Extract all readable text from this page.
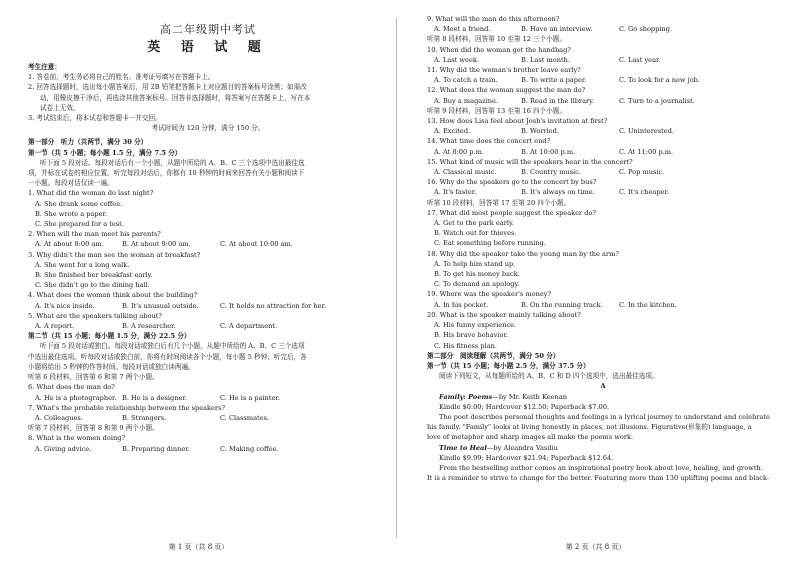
高二年级期中考试
英 语 试 题

考生注意：

1. 答卷前，考生务必将自己的姓名、准考证号填写在答题卡上。

2. 回答选择题时，选出每小题答案后，用 2B 铅笔把答题卡上对应题目的答案标号涂黑；如需改

动，用橡皮擦干净后，再选涂其他答案标号。回答非选择题时，将答案写在答题卡上，写在本

试卷上无效。

3. 考试结束后，将本试卷和答题卡一并交回。

考试时间为 120 分钟，满分 150 分。

第一部分　听力（共两节，满分 30 分）

第一节（共 5 小题；每小题 1.5 分，满分 7.5 分）

听下面 5 段对话。每段对话后有一个小题，从题中所给的 A、B、C 三个选项中选出最佳选

项，并标在试卷的相应位置。听完每段对话后，你都有 10 秒钟的时间来回答有关小题和阅读下

一小题。每段对话仅读一遍。

1. What did the woman do last night?

A. She drank some coffee.

B. She wrote a paper.

C. She prepared for a test.

2. When will the man meet his parents?

A. At about 8:00 am.	B. At about 9:00 am.	C. At about 10:00 am.

3. Why didn't the man see the woman at breakfast?

A. She went for a long walk.

B. She finished her breakfast early.

C. She didn't go to the dining hall.

4. What does the woman think about the building?

A. It's nice inside.	B. It's unusual outside.	C. It holds no attraction for her.

5. What are the speakers talking about?

A. A report.	B. A researcher.	C. A department.

第二节（共 15 小题；每小题 1.5 分，满分 22.5 分）

听下面 5 段对话或独白。每段对话或独白后有几个小题，从题中所给的 A、B、C 三个选项

中选出最佳选项。听每段对话或独白前，你将有时间阅读各个小题，每小题 5 秒钟；听完后，各

小题将给出 5 秒钟的作答时间。每段对话或独白读两遍。

听第 6 段材料，回答第 6 和第 7 两个小题。

6. What does the man do?

A. He is a photographer. B. He is a designer.	C. He is a painter.

7. What's the probable relationship between the speakers?

A. Colleagues.	B. Strangers.	C. Classmates.

听第 7 段材料，回答第 8 和第 9 两个小题。

8. What is the women doing?

A. Giving advice.	B. Preparing dinner.	C. Making coffee.
第 1 页（共 8 页）

9. What will the man do this afternoon?

A. Meet a friend.	B. Have an interview.	C. Go shopping.

听第 8 段材料，回答第 10 至第 12 三个小题。

10. When did the woman get the handbag?

A. Last week.	B. Last month.	C. Last year.

11. Why did the woman's brother leave early?

A. To catch a train.	B. To write a paper.	C. To look for a new job.

12. What does the woman suggest the man do?

A. Buy a magazine.	B. Read in the library.	C. Turn to a journalist.

听第 9 段材料，回答第 13 至第 16 四个小题。

13. How does Lisa feel about Josh's invitation at first?

A. Excited.	B. Worried.	C. Uninterested.

14. What time does the concert end?

A. At 8:00 p.m.	B. At 10:00 p.m.	C. At 11:00 p.m.

15. What kind of music will the speakers hear in the concert?

A. Classical music.	B. Country music.	C. Pop music.

16. Why do the speakers go to the concert by bus?

A. It's faster.	B. It's always on time.	C. It's cheaper.

听第 10 段材料，回答第 17 至第 20 四个小题。

17. What did most people suggest the speaker do?

A. Get to the park early.

B. Watch out for thieves.

C. Eat something before running.

18. Why did the speaker take the young man by the arm?

A. To help him stand up.

B. To get his money back.

C. To demand an apology.

19. Where was the speaker's money?

A. In his pocket.	B. On the running track.	C. In the kitchen.

20. What is the speaker mainly talking about?

A. His funny experience.

B. His brave behavior.

C. His fitness plan.

第二部分　阅读理解（共两节，满分 50 分）

第一节（共 15 小题；每小题 2.5 分，满分 37.5 分）

阅读下列短文，从每题所给的 A、B、C 和 D 四个选项中，选出最佳选项。

A

Family: Poems—by Mr. Keith Keenan

Kindle $0.00; Hardcover $12.50; Paperback $7.00.

The poet describes personal thoughts and feelings in a lyrical journey to understand and celebrate

his family. "Family" looks at living honestly in places, not illusions. Figurative(形象的) language, a

love of metaphor and sharp images all make the poems work.

Time to Heal—by Aleandra Vasiliu

Kindle $9.99; Hardcover $21.94; Paperback $12.64.

From the bestselling author comes an inspirational poetry book about love, healing, and growth.

It is a reminder to strive to change for the better. Featuring more than 130 uplifting poems and black-

第 2 页（共 8 页）
